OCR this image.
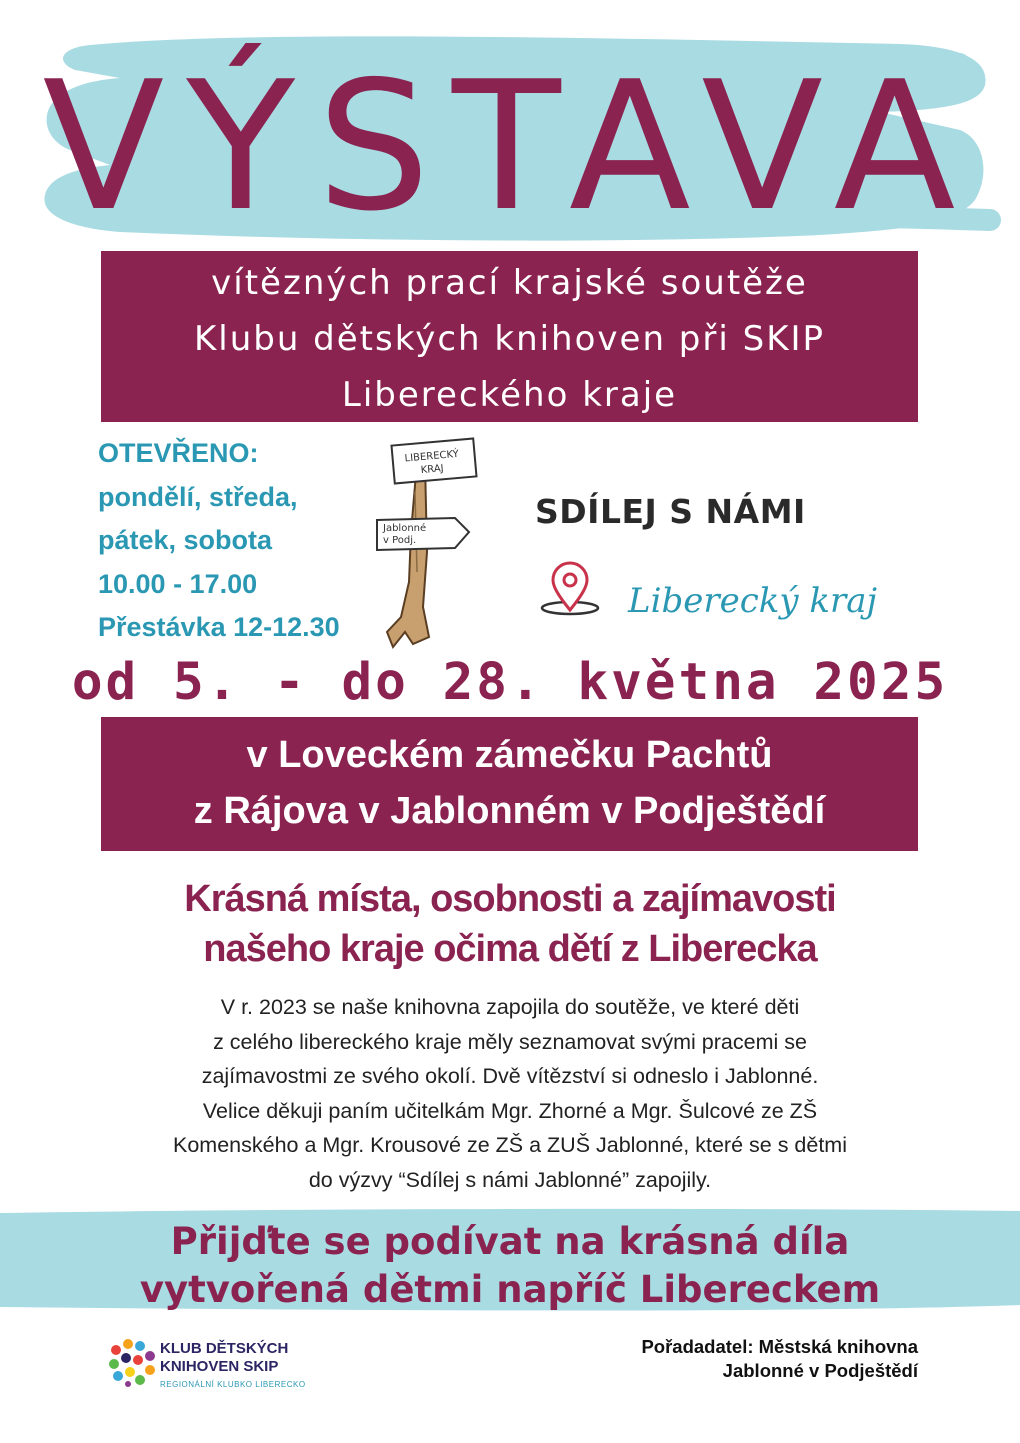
VÝSTAVA
vítězných prací krajské soutěže
Klubu dětských knihoven při SKIP
Libereckého kraje
OTEVŘENO:
pondělí, středa,
pátek, sobota
10.00 - 17.00
Přestávka 12-12.30
LIBERECKÝ
KRAJ
Jablonné
v Podj.
SDÍLEJ S NÁMI
Liberecký kraj
od 5. - do 28. května 2025
v Loveckém zámečku Pachtů
z Rájova v Jablonném v Podještědí
Krásná místa, osobnosti a zajímavosti
našeho kraje očima dětí z Liberecka
V r. 2023 se naše knihovna zapojila do soutěže, ve které děti
z celého libereckého kraje měly seznamovat svými pracemi se
zajímavostmi ze svého okolí. Dvě vítězství si odneslo i Jablonné.
Velice děkuji paním učitelkám Mgr. Zhorné a Mgr. Šulcové ze ZŠ
Komenského a Mgr. Krousové ze ZŠ a ZUŠ Jablonné, které se s dětmi
do výzvy “Sdílej s námi Jablonné” zapojily.
Přijďte se podívat na krásná díla
vytvořená dětmi napříč Libereckem
KLUB DĚTSKÝCH
KNIHOVEN SKIP
REGIONÁLNÍ KLUBKO LIBERECKO
Pořadadatel: Městská knihovna
Jablonné v Podještědí
